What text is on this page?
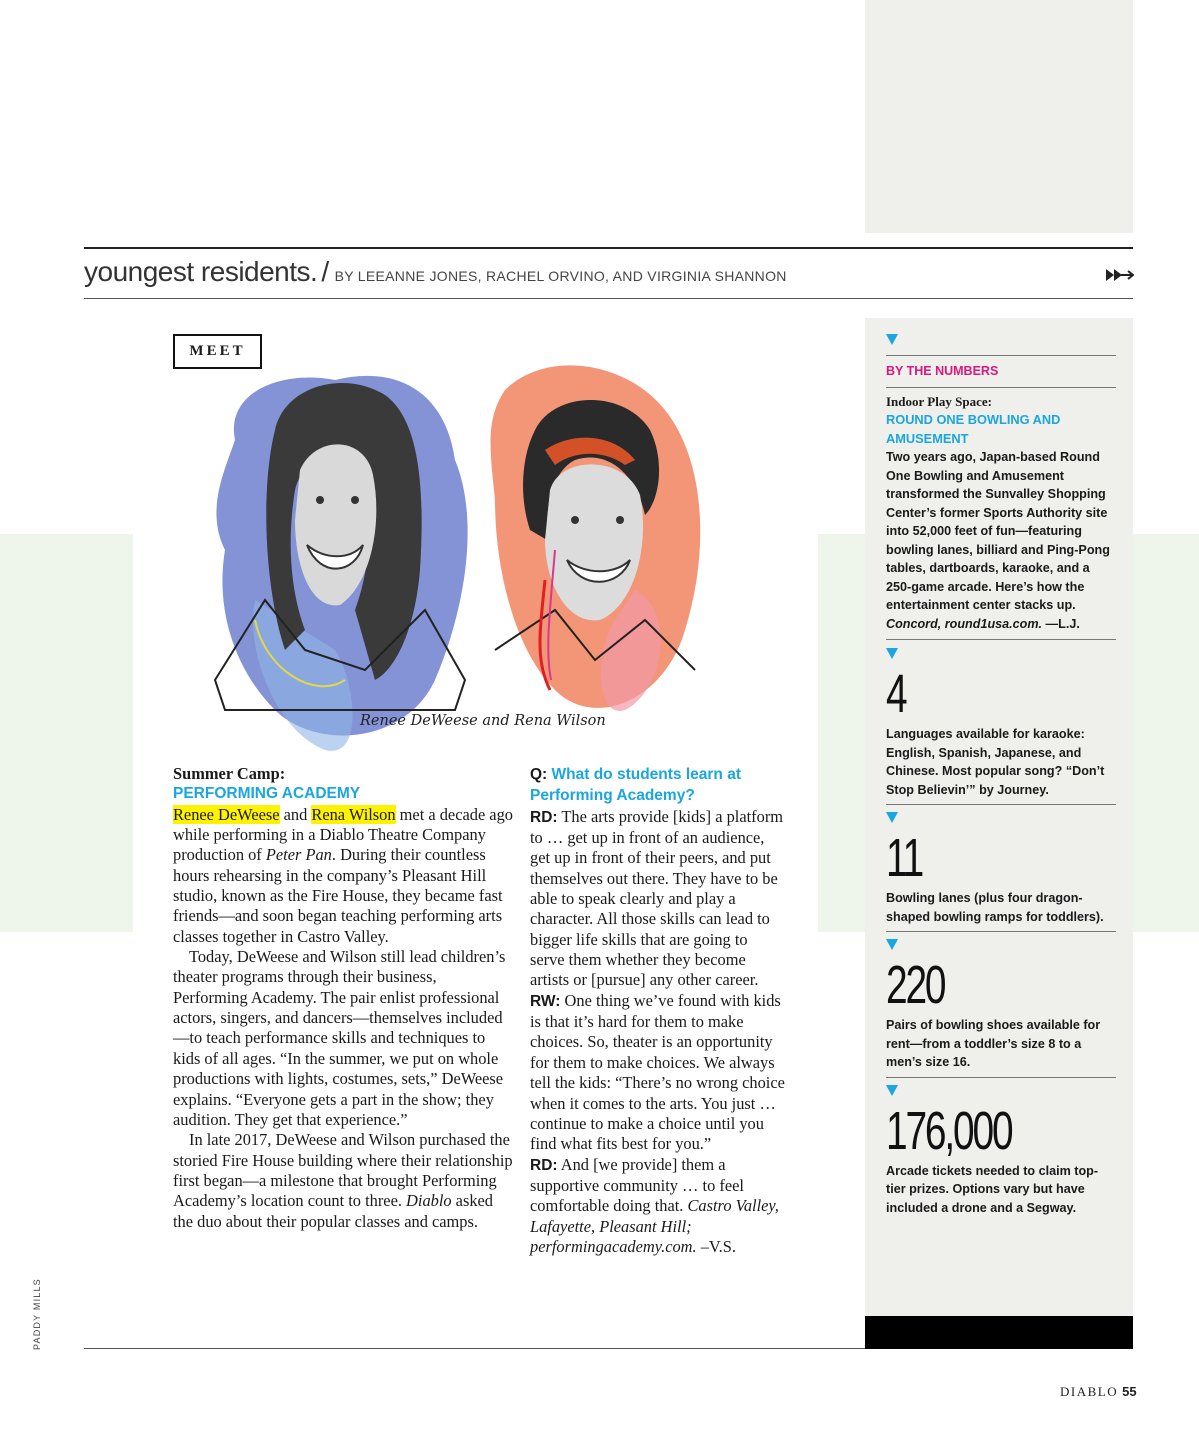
youngest residents. / BY LEEANNE JONES, RACHEL ORVINO, AND VIRGINIA SHANNON
MEET
Renee DeWeese and Rena Wilson
Summer Camp:
PERFORMING ACADEMY

Renee DeWeese and Rena Wilson met a decade ago while performing in a Diablo Theatre Company production of Peter Pan. During their countless hours rehearsing in the company’s Pleasant Hill studio, known as the Fire House, they became fast friends—and soon began teaching performing arts classes together in Castro Valley.

Today, DeWeese and Wilson still lead children’s theater programs through their business, Performing Academy. The pair enlist professional actors, singers, and dancers—themselves included—to teach performance skills and techniques to kids of all ages. “In the summer, we put on whole productions with lights, costumes, sets,” DeWeese explains. “Everyone gets a part in the show; they audition. They get that experience.”

In late 2017, DeWeese and Wilson purchased the storied Fire House building where their relationship first began—a milestone that brought Performing Academy’s location count to three. Diablo asked the duo about their popular classes and camps.

Q: What do students learn at Performing Academy?

RD: The arts provide [kids] a platform to … get up in front of an audience, get up in front of their peers, and put themselves out there. They have to be able to speak clearly and play a character. All those skills can lead to bigger life skills that are going to serve them whether they become artists or [pursue] any other career.

RW: One thing we’ve found with kids is that it’s hard for them to make choices. So, theater is an opportunity for them to make choices. We always tell the kids: “There’s no wrong choice when it comes to the arts. You just … continue to make a choice until you find what fits best for you.”

RD: And [we provide] them a supportive community … to feel comfortable doing that. Castro Valley, Lafayette, Pleasant Hill; performingacademy.com. –V.S.

BY THE NUMBERS
Indoor Play Space:
ROUND ONE BOWLING AND AMUSEMENT
Two years ago, Japan-based Round One Bowling and Amusement transformed the Sunvalley Shopping Center’s former Sports Authority site into 52,000 feet of fun—featuring bowling lanes, billiard and Ping-Pong tables, dartboards, karaoke, and a 250-game arcade. Here’s how the entertainment center stacks up. Concord, round1usa.com. —L.J.
4
Languages available for karaoke: English, Spanish, Japanese, and Chinese. Most popular song? “Don’t Stop Believin’” by Journey.
11
Bowling lanes (plus four dragon-shaped bowling ramps for toddlers).
220
Pairs of bowling shoes available for rent—from a toddler’s size 8 to a men’s size 16.
176,000
Arcade tickets needed to claim top-tier prizes. Options vary but have included a drone and a Segway.
PADDY MILLS
DIABLO 55
